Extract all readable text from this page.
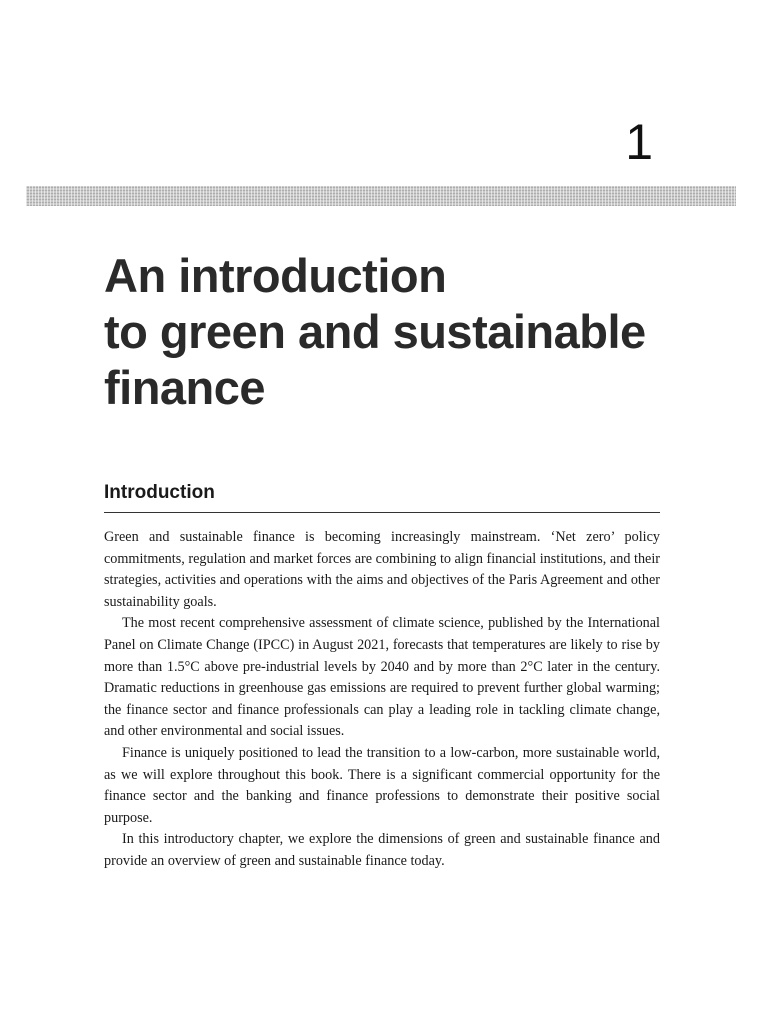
1
An introduction
to green and sustainable
finance
Introduction

Green and sustainable finance is becoming increasingly mainstream. ‘Net zero’ policy commitments, regulation and market forces are combining to align financial institutions, and their strategies, activities and operations with the aims and objectives of the Paris Agreement and other sustainability goals.

The most recent comprehensive assessment of climate science, published by the International Panel on Climate Change (IPCC) in August 2021, forecasts that temperatures are likely to rise by more than 1.5°C above pre-industrial levels by 2040 and by more than 2°C later in the century. Dramatic reductions in greenhouse gas emissions are required to prevent further global warming; the finance sector and finance professionals can play a leading role in tackling climate change, and other environmental and social issues.

Finance is uniquely positioned to lead the transition to a low-carbon, more sustainable world, as we will explore throughout this book. There is a significant commercial opportunity for the finance sector and the banking and finance professions to demonstrate their positive social purpose.

In this introductory chapter, we explore the dimensions of green and sustainable finance and provide an overview of green and sustainable finance today.
